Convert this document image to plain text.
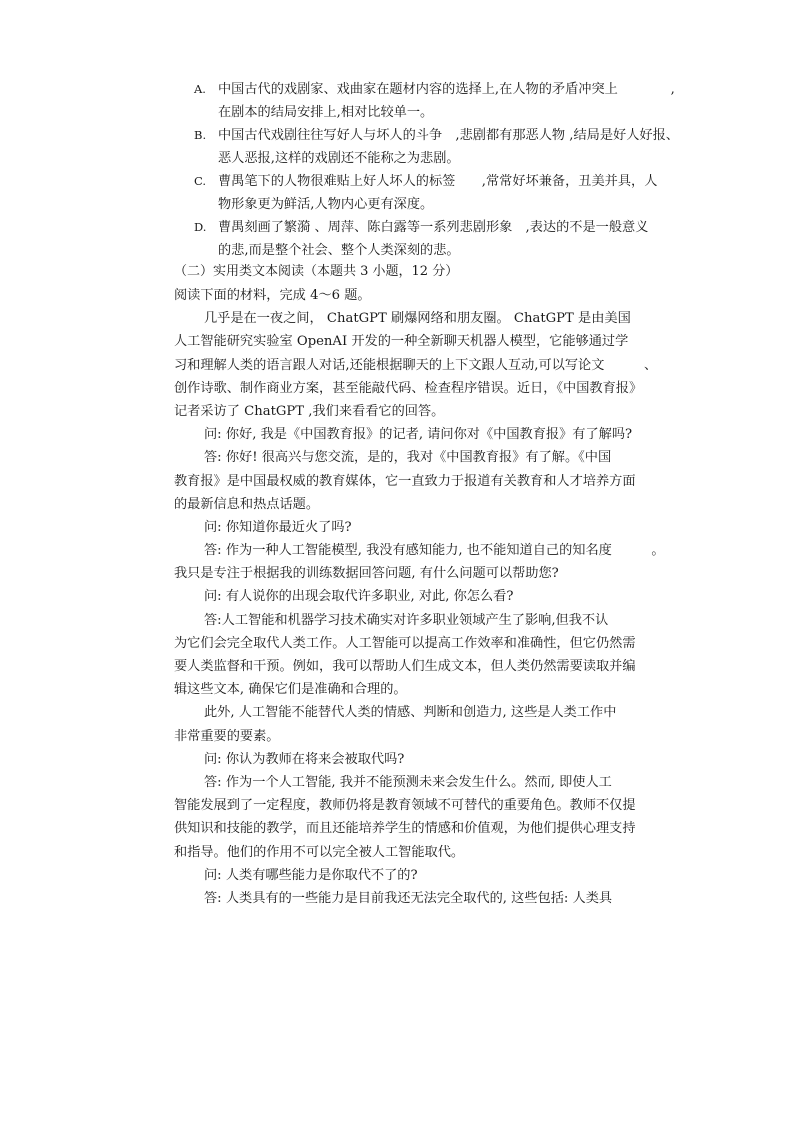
A. 中国古代的戏剧家、戏曲家在题材内容的选择上,在人物的矛盾冲突上　　　　,
在剧本的结局安排上,相对比较单一。
B. 中国古代戏剧往往写好人与坏人的斗争　,悲剧都有那恶人物 ,结局是好人好报、
恶人恶报,这样的戏剧还不能称之为悲剧。
C. 曹禺笔下的人物很难贴上好人坏人的标签　　,常常好坏兼备，丑美并具，人
物形象更为鲜活,人物内心更有深度。
D. 曹禺刻画了繁漪 、周萍、陈白露等一系列悲剧形象　,表达的不是一般意义
的悲,而是整个社会、整个人类深刻的悲。
（二）实用类文本阅读（本题共 3 小题，12 分）
阅读下面的材料，完成 4～6 题。
几乎是在一夜之间， ChatGPT 刷爆网络和朋友圈。 ChatGPT 是由美国
人工智能研究实验室 OpenAI 开发的一种全新聊天机器人模型，它能够通过学
习和理解人类的语言跟人对话,还能根据聊天的上下文跟人互动,可以写论文　　　、
创作诗歌、制作商业方案，甚至能敲代码、检查程序错误。近日，《中国教育报》
记者采访了 ChatGPT ,我们来看看它的回答。
问: 你好, 我是《中国教育报》的记者, 请问你对《中国教育报》有了解吗?
答: 你好! 很高兴与您交流，是的，我对《中国教育报》有了解。《中国
教育报》是中国最权威的教育媒体，它一直致力于报道有关教育和人才培养方面
的最新信息和热点话题。
问: 你知道你最近火了吗?
答: 作为一种人工智能模型, 我没有感知能力, 也不能知道自己的知名度　　　。
我只是专注于根据我的训练数据回答问题, 有什么问题可以帮助您?
问: 有人说你的出现会取代许多职业, 对此, 你怎么看?
答:人工智能和机器学习技术确实对许多职业领域产生了影响,但我不认
为它们会完全取代人类工作。人工智能可以提高工作效率和准确性，但它仍然需
要人类监督和干预。例如，我可以帮助人们生成文本，但人类仍然需要读取并编
辑这些文本, 确保它们是准确和合理的。
此外, 人工智能不能替代人类的情感、判断和创造力, 这些是人类工作中
非常重要的要素。
问: 你认为教师在将来会被取代吗?
答: 作为一个人工智能, 我并不能预测未来会发生什么。然而, 即使人工
智能发展到了一定程度，教师仍将是教育领域不可替代的重要角色。教师不仅提
供知识和技能的教学，而且还能培养学生的情感和价值观，为他们提供心理支持
和指导。他们的作用不可以完全被人工智能取代。
问: 人类有哪些能力是你取代不了的?
答: 人类具有的一些能力是目前我还无法完全取代的, 这些包括: 人类具
